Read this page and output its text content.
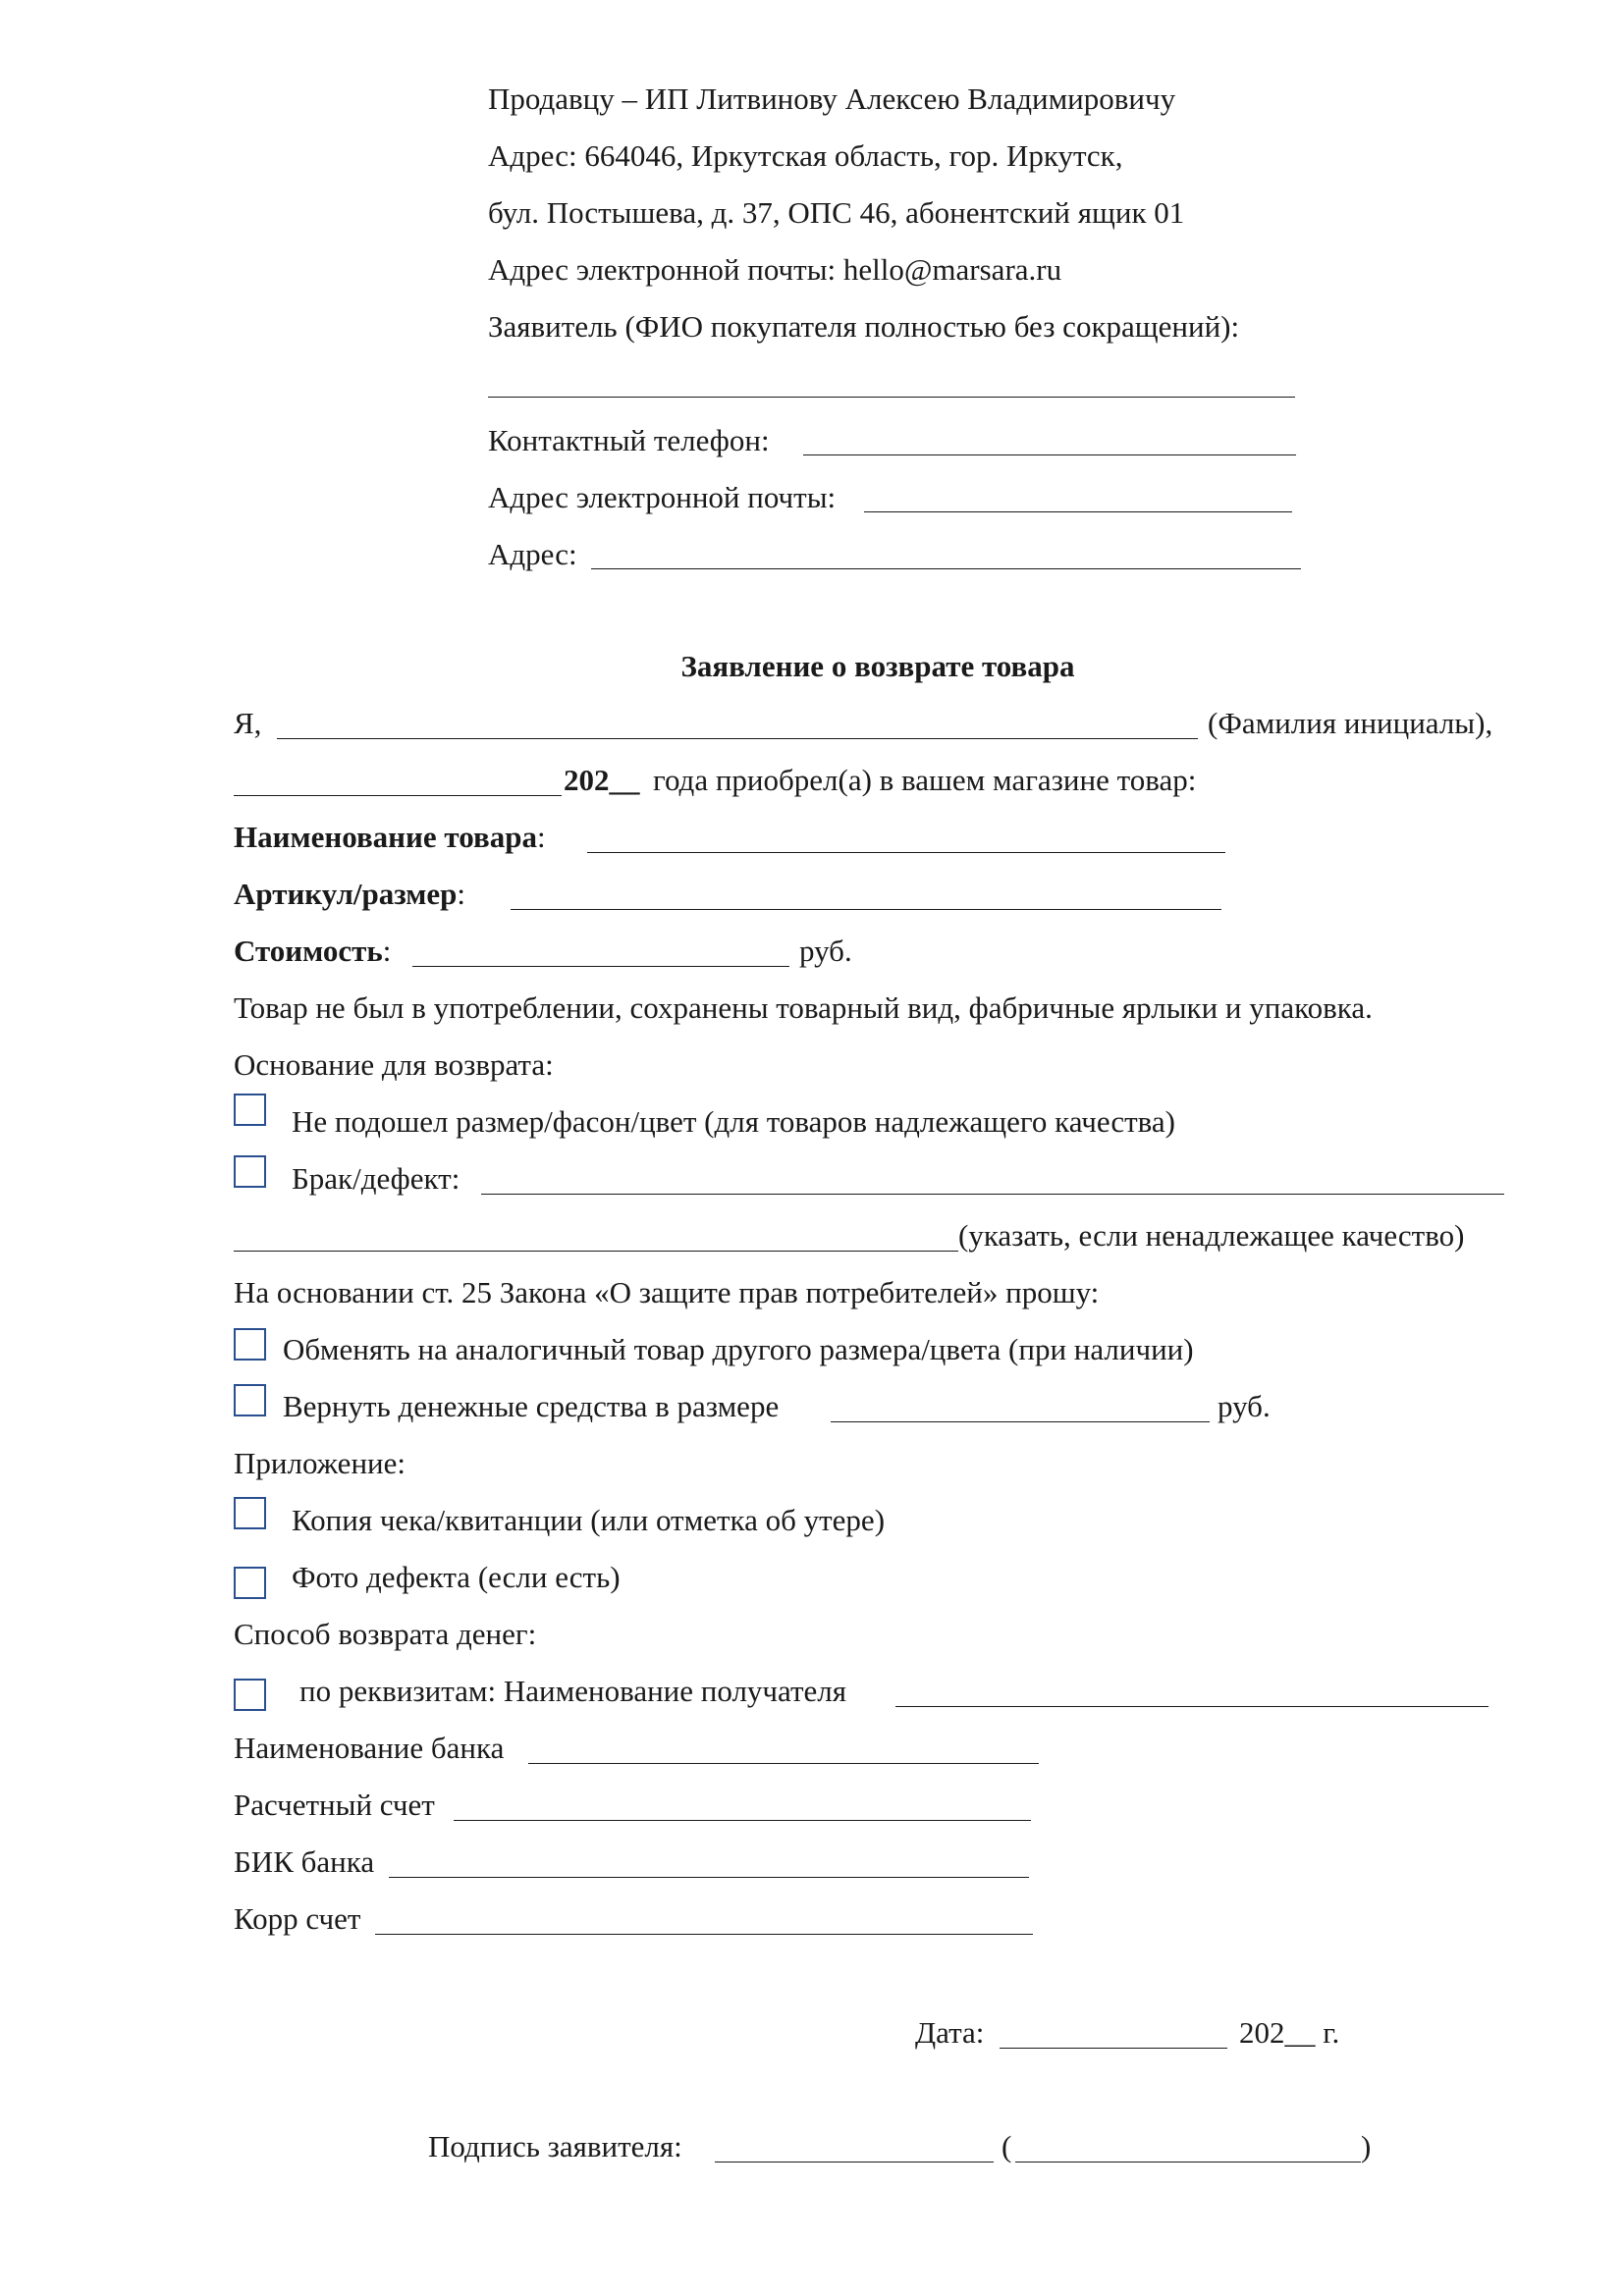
Продавцу – ИП Литвинову Алексею Владимировичу
Адрес: 664046, Иркутская область, гор. Иркутск,
бул. Постышева, д. 37, ОПС 46, абонентский ящик 01
Адрес электронной почты: hello@marsara.ru
Заявитель (ФИО покупателя полностью без сокращений):
Контактный телефон:
Адрес электронной почты:
Адрес:
Заявление о возврате товара
Я,	(Фамилия инициалы),
202__ года приобрел(а) в вашем магазине товар:
Наименование товара:
Артикул/размер:
Стоимость:	руб.
Товар не был в употреблении, сохранены товарный вид, фабричные ярлыки и упаковка.
Основание для возврата:
Не подошел размер/фасон/цвет (для товаров надлежащего качества)
Брак/дефект:
(указать, если ненадлежащее качество)
На основании ст. 25 Закона «О защите прав потребителей» прошу:
Обменять на аналогичный товар другого размера/цвета (при наличии)
Вернуть денежные средства в размере	руб.
Приложение:
Копия чека/квитанции (или отметка об утере)
Фото дефекта (если есть)
Способ возврата денег:
по реквизитам: Наименование получателя
Наименование банка
Расчетный счет
БИК банка
Корр счет
Дата:	202__ г.
Подпись заявителя:	(	)
